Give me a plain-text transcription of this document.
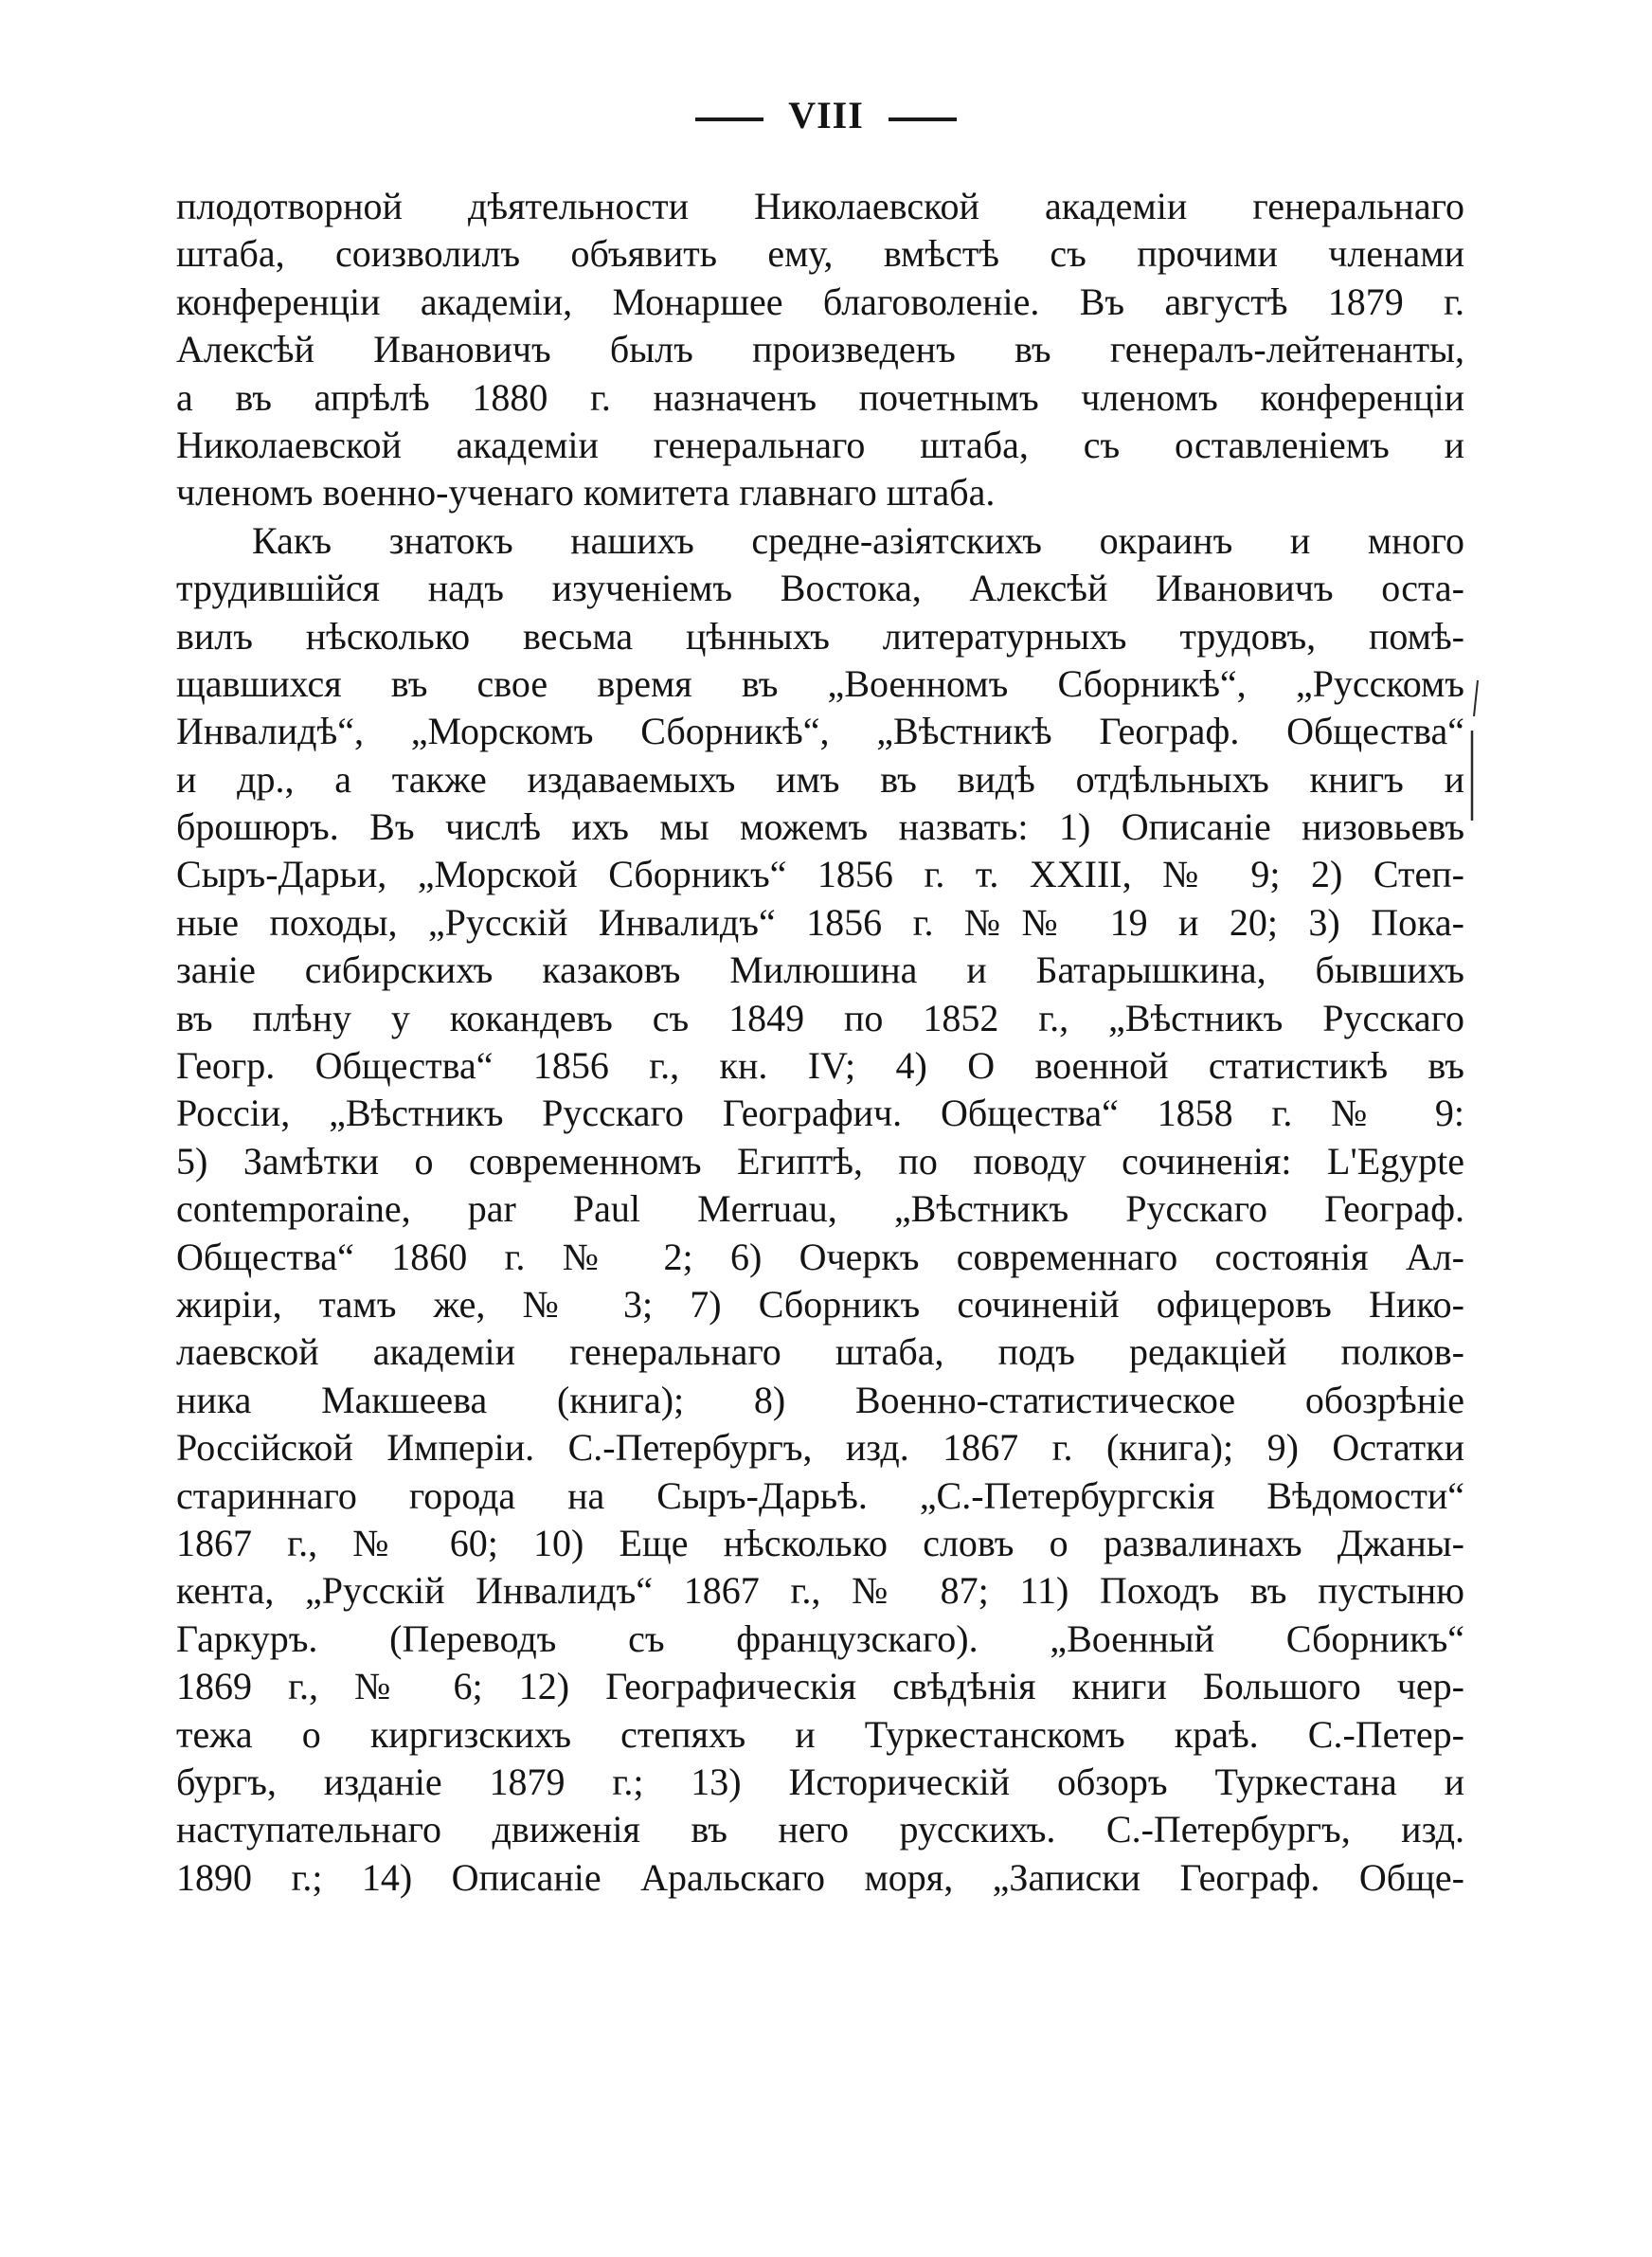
VIII
плодотворной дѣятельности Николаевской академіи генеральнаго
штаба, соизволилъ объявить ему, вмѣстѣ съ прочими членами
конференціи академіи, Монаршее благоволеніе. Въ августѣ 1879 г.
Алексѣй Ивановичъ былъ произведенъ въ генералъ-лейтенанты,
а въ апрѣлѣ 1880 г. назначенъ почетнымъ членомъ конференціи
Николаевской академіи генеральнаго штаба, съ оставленіемъ и
членомъ военно-ученаго комитета главнаго штаба.
Какъ знатокъ нашихъ средне-азіятскихъ окраинъ и много
трудившійся надъ изученіемъ Востока, Алексѣй Ивановичъ оста-
вилъ нѣсколько весьма цѣнныхъ литературныхъ трудовъ, помѣ-
щавшихся въ свое время въ „Военномъ Сборникѣ“, „Русскомъ
Инвалидѣ“, „Морскомъ Сборникѣ“, „Вѣстникѣ Географ. Общества“
и др., а также издаваемыхъ имъ въ видѣ отдѣльныхъ книгъ и
брошюръ. Въ числѣ ихъ мы можемъ назвать: 1) Описаніе низовьевъ
Сыръ-Дарьи, „Морской Сборникъ“ 1856 г. т. XXIII, № 9; 2) Степ-
ные походы, „Русскій Инвалидъ“ 1856 г. №№ 19 и 20; 3) Пока-
заніе сибирскихъ казаковъ Милюшина и Батарышкина, бывшихъ
въ плѣну у кокандевъ съ 1849 по 1852 г., „Вѣстникъ Русскаго
Геогр. Общества“ 1856 г., кн. IV; 4) О военной статистикѣ въ
Россіи, „Вѣстникъ Русскаго Географич. Общества“ 1858 г. № 9:
5) Замѣтки о современномъ Египтѣ, по поводу сочиненія: L'Egypte
contemporaine, par Paul Merruau, „Вѣстникъ Русскаго Географ.
Общества“ 1860 г. № 2; 6) Очеркъ современнаго состоянія Ал-
жиріи, тамъ же, № 3; 7) Сборникъ сочиненій офицеровъ Нико-
лаевской академіи генеральнаго штаба, подъ редакціей полков-
ника Макшеева (книга); 8) Военно-статистическое обозрѣніе
Россійской Имперіи. С.-Петербургъ, изд. 1867 г. (книга); 9) Остатки
стариннаго города на Сыръ-Дарьѣ. „С.-Петербургскія Вѣдомости“
1867 г., № 60; 10) Еще нѣсколько словъ о развалинахъ Джаны-
кента, „Русскій Инвалидъ“ 1867 г., № 87; 11) Походъ въ пустыню
Гаркуръ. (Переводъ съ французскаго). „Военный Сборникъ“
1869 г., № 6; 12) Географическія свѣдѣнія книги Большого чер-
тежа о киргизскихъ степяхъ и Туркестанскомъ краѣ. С.-Петер-
бургъ, изданіе 1879 г.; 13) Историческій обзоръ Туркестана и
наступательнаго движенія въ него русскихъ. С.-Петербургъ, изд.
1890 г.; 14) Описаніе Аральскаго моря, „Записки Географ. Обще-
